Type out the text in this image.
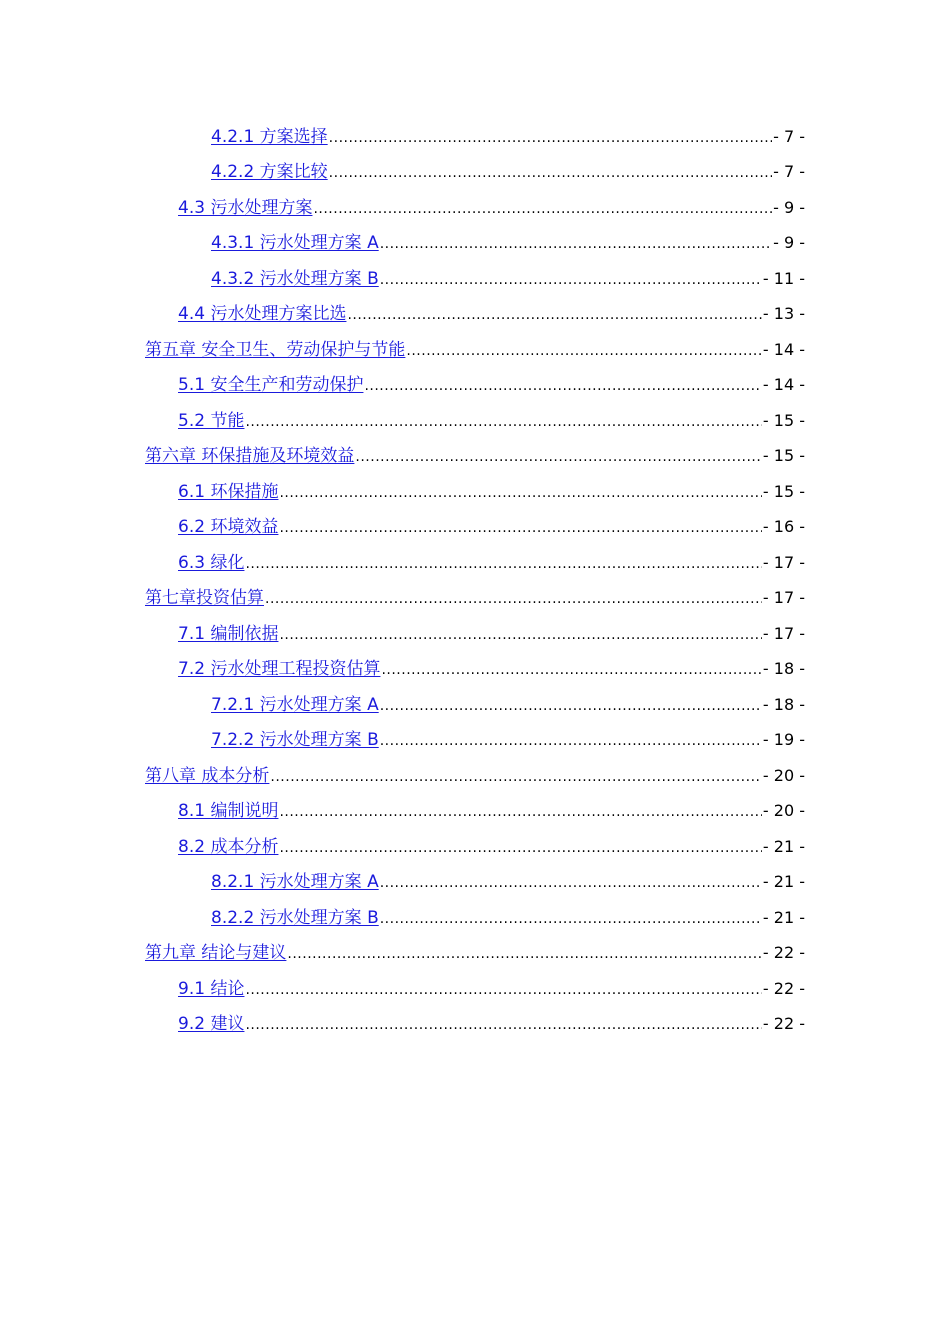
4.2.1 方案选择 .....	- 7 -
4.2.2 方案比较 .....	- 7 -
4.3 污水处理方案 .....	- 9 -
4.3.1 污水处理方案 A .....	- 9 -
4.3.2 污水处理方案 B .....	- 11 -
4.4 污水处理方案比选 .....	- 13 -
第五章 安全卫生、劳动保护与节能 .....	- 14 -
5.1 安全生产和劳动保护 .....	- 14 -
5.2 节能 .....	- 15 -
第六章 环保措施及环境效益 .....	- 15 -
6.1 环保措施 .....	- 15 -
6.2 环境效益 .....	- 16 -
6.3 绿化 .....	- 17 -
第七章投资估算 .....	- 17 -
7.1 编制依据 .....	- 17 -
7.2 污水处理工程投资估算 .....	- 18 -
7.2.1 污水处理方案 A .....	- 18 -
7.2.2 污水处理方案 B .....	- 19 -
第八章 成本分析 .....	- 20 -
8.1 编制说明 .....	- 20 -
8.2 成本分析 .....	- 21 -
8.2.1 污水处理方案 A .....	- 21 -
8.2.2 污水处理方案 B .....	- 21 -
第九章 结论与建议 .....	- 22 -
9.1 结论 .....	- 22 -
9.2 建议 .....	- 22 -
